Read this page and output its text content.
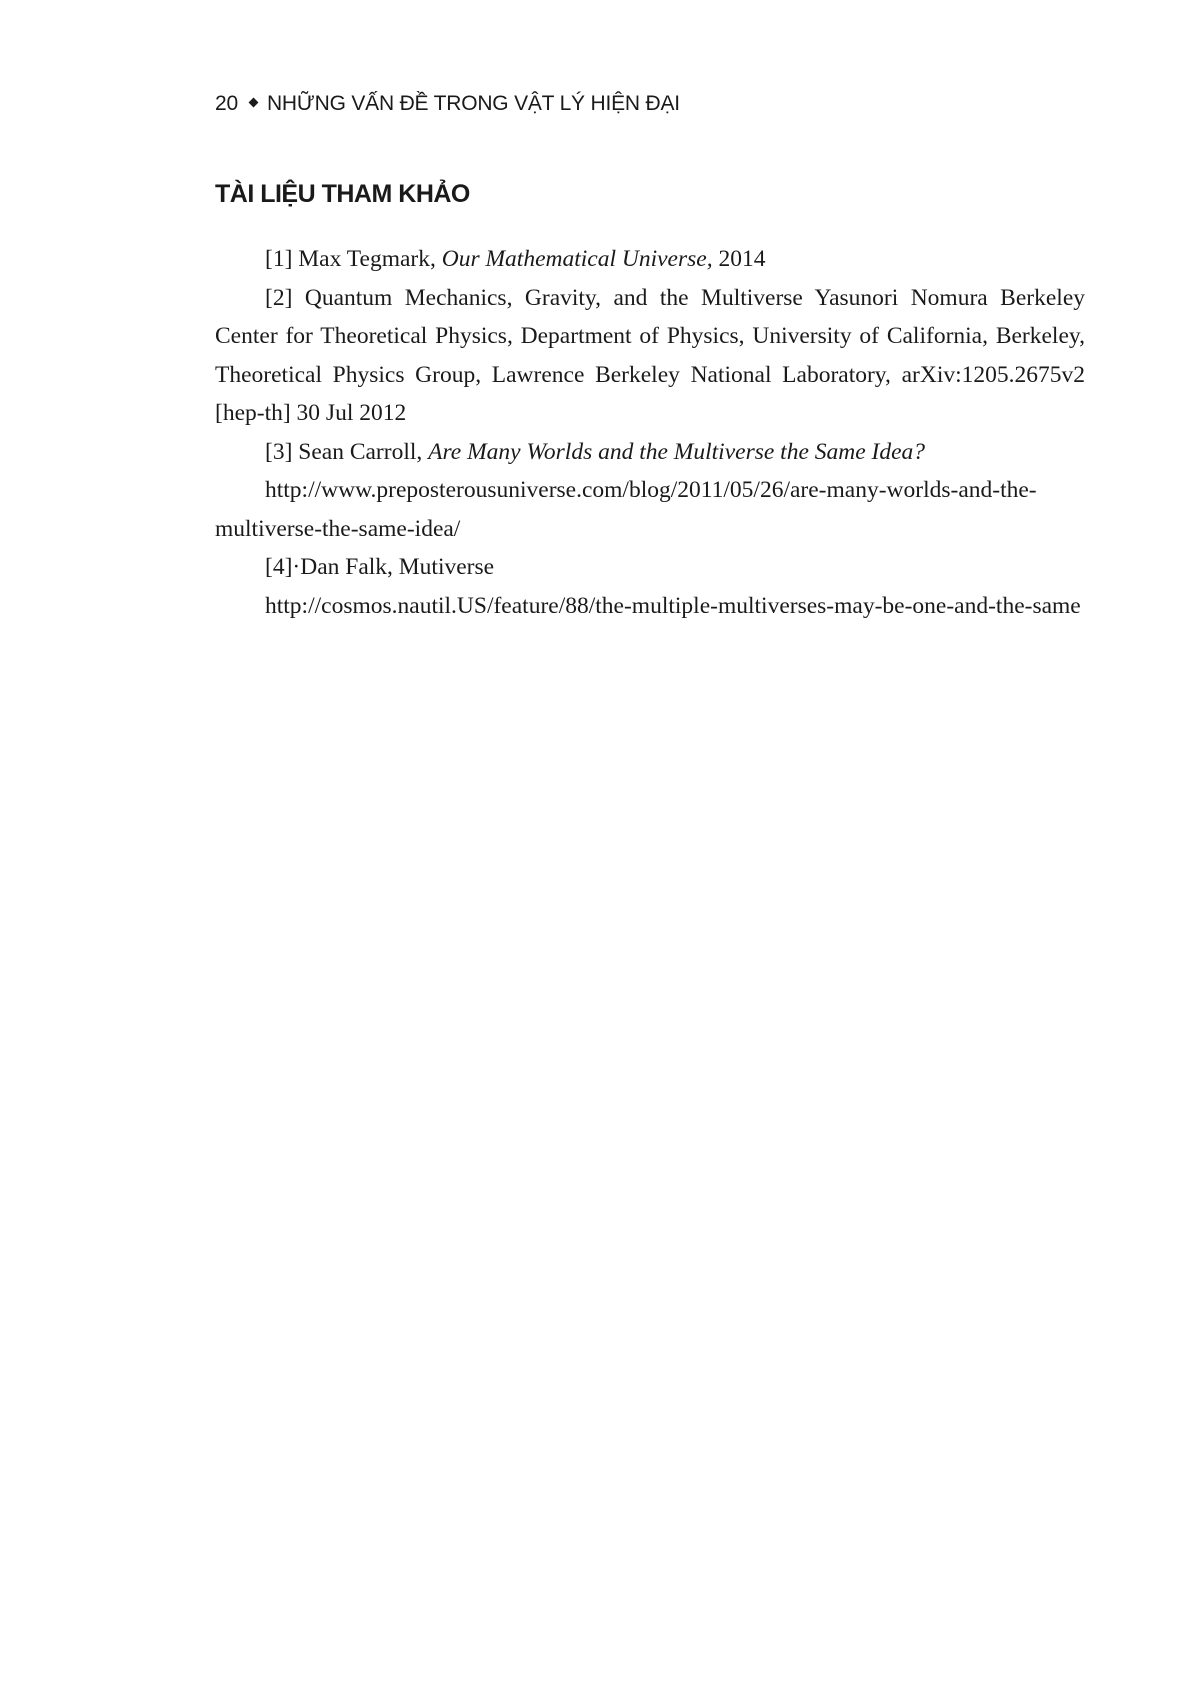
20 NHỮNG VẤN ĐỀ TRONG VẬT LÝ HIỆN ĐẠI
TÀI LIỆU THAM KHẢO

[1] Max Tegmark, Our Mathematical Universe, 2014

[2] Quantum Mechanics, Gravity, and the Multiverse Yasunori Nomura Berkeley Center for Theoretical Physics, Department of Physics, University of California, Berkeley, Theoretical Physics Group, Lawrence Berkeley National Laboratory, arXiv:1205.2675v2 [hep-th] 30 Jul 2012

[3] Sean Carroll, Are Many Worlds and the Multiverse the Same Idea?

http://www.preposterousuniverse.com/blog/2011/05/26/are-many-worlds-and-the-multiverse-the-same-idea/

[4]·Dan Falk, Mutiverse

http://cosmos.nautil.US/feature/88/the-multiple-multiverses-may-be-one-and-the-same
